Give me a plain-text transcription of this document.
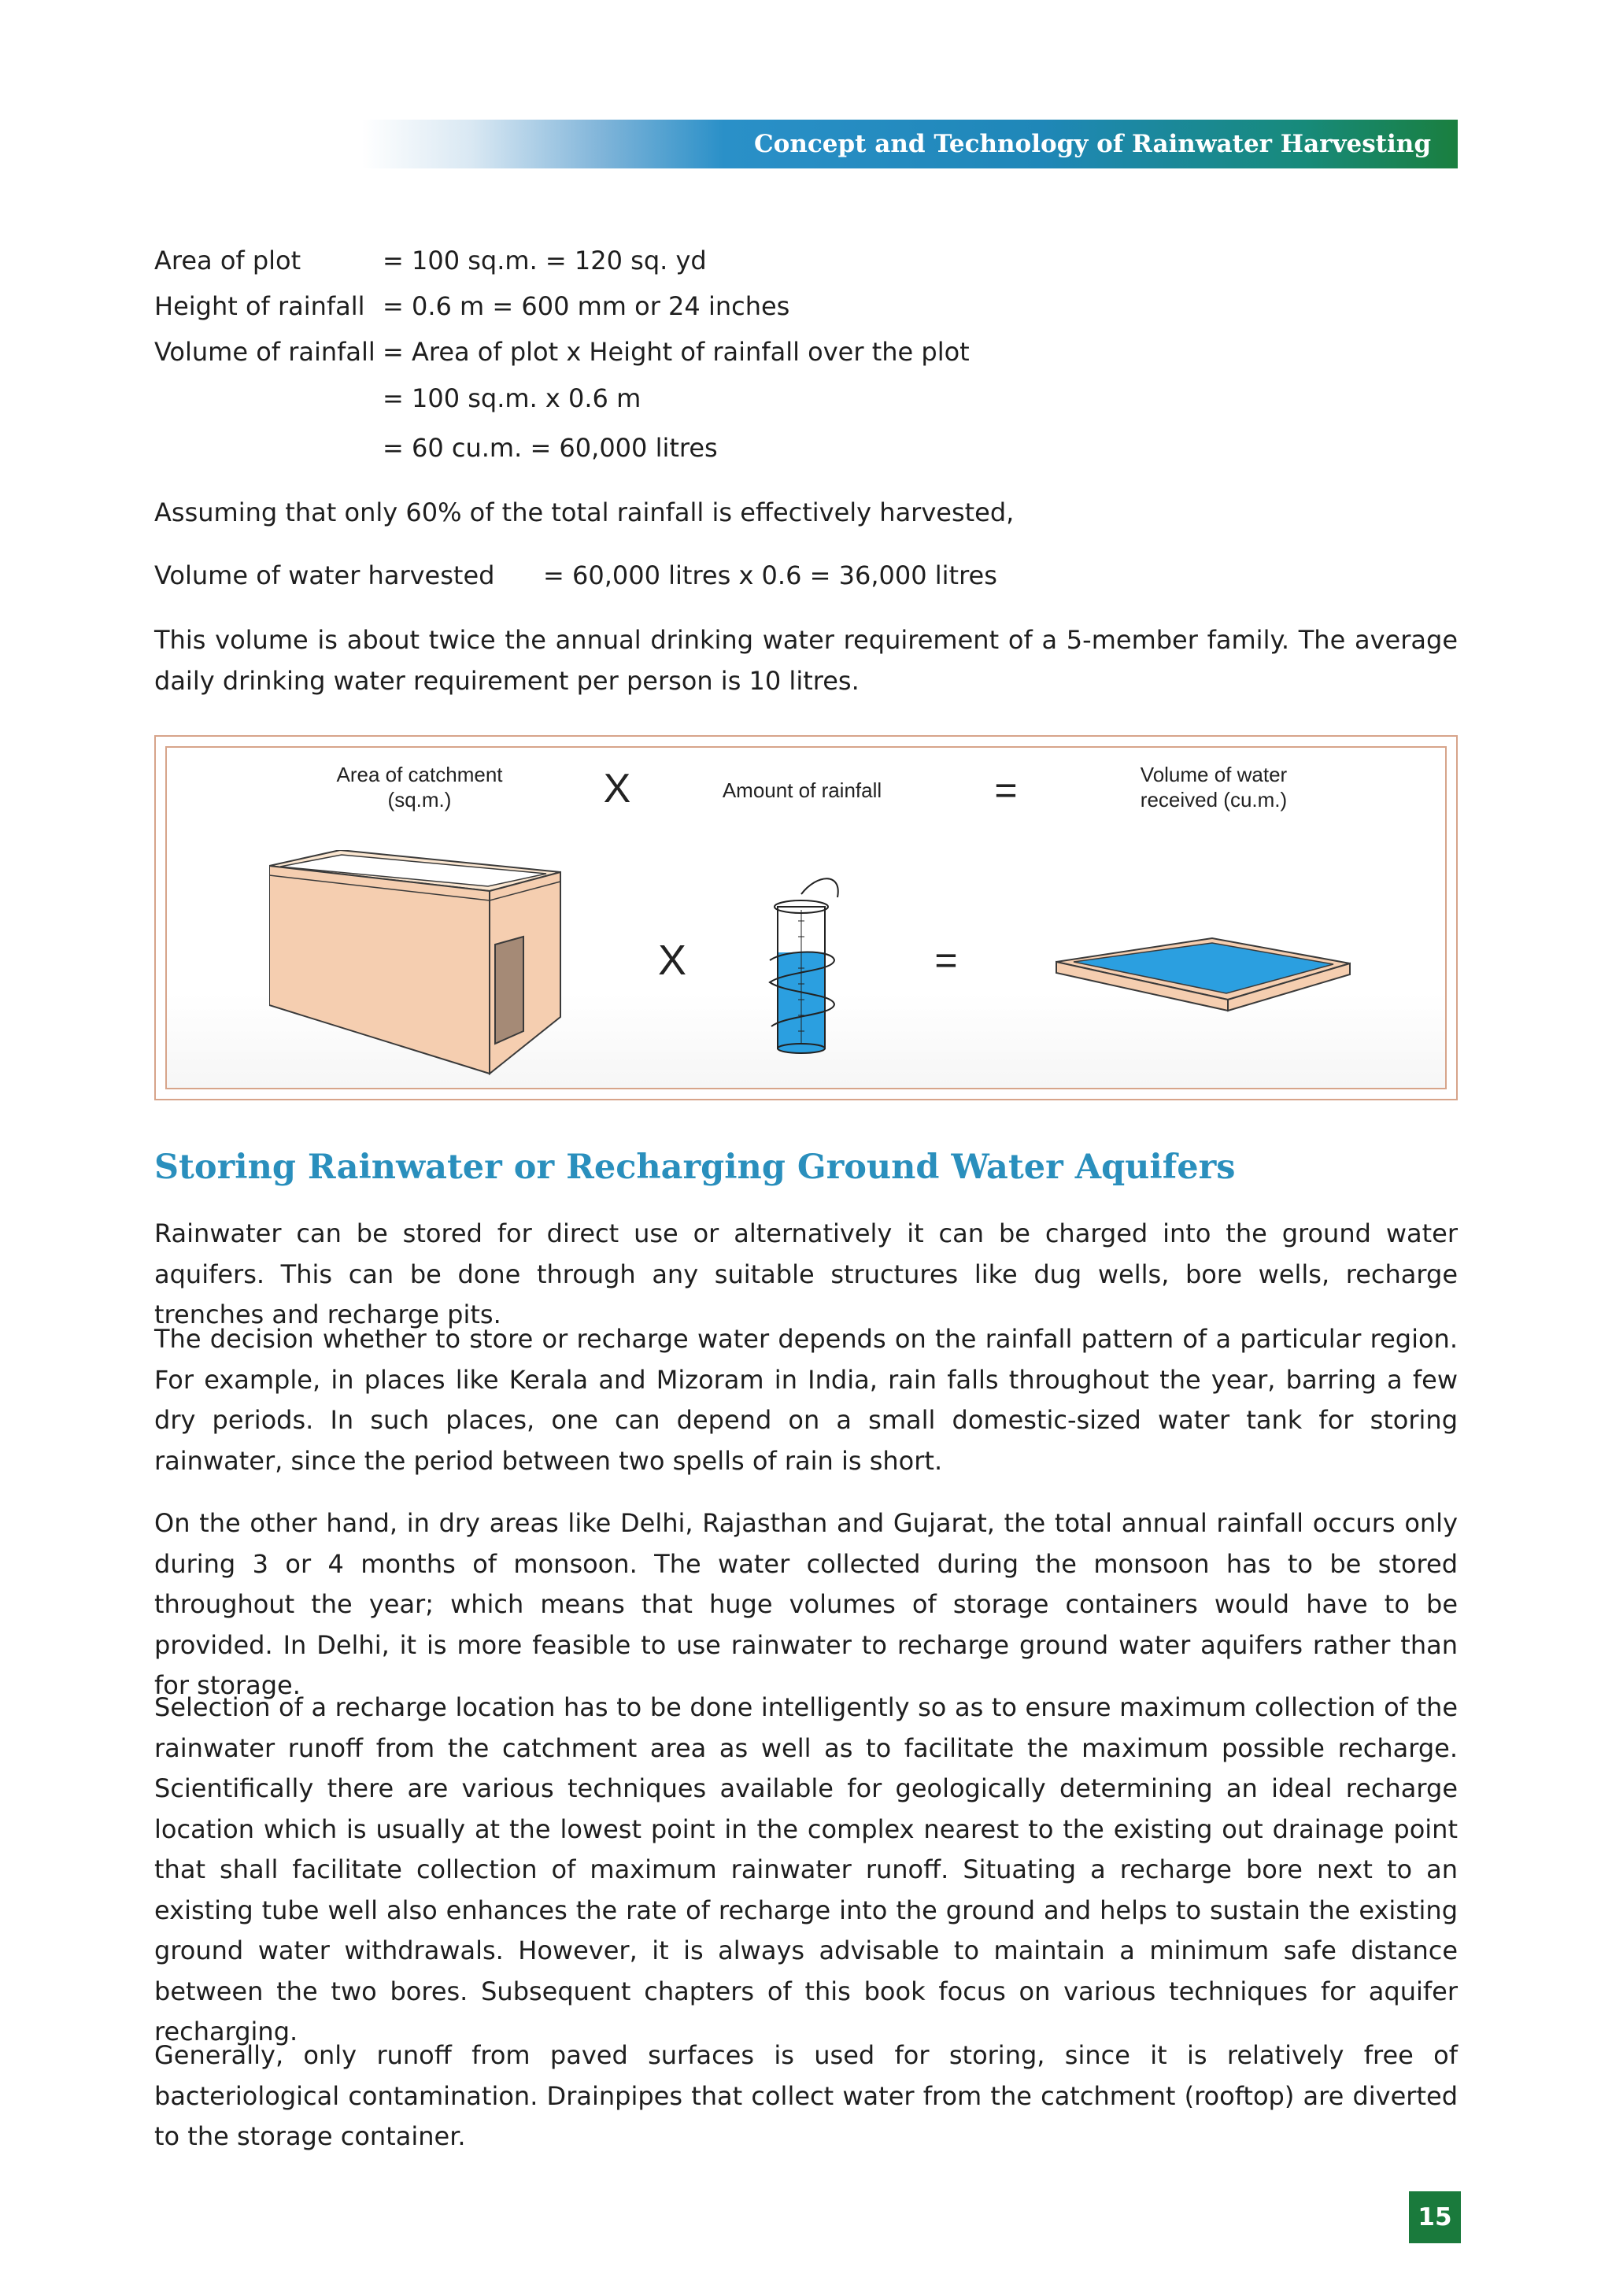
Concept and Technology of Rainwater Harvesting
Area of plot	= 100 sq.m. = 120 sq. yd
Height of rainfall = 0.6 m = 600 mm or 24 inches
Volume of rainfall = Area of plot x Height of rainfall over the plot
= 100 sq.m. x 0.6 m
= 60 cu.m. = 60,000 litres
Assuming that only 60% of the total rainfall is effectively harvested,
Volume of water harvested = 60,000 litres x 0.6 = 36,000 litres

This volume is about twice the annual drinking water requirement of a 5-member family. The average daily drinking water requirement per person is 10 litres.

Area of catchment
(sq.m.)	X	Amount of rainfall	=	Volume of water
received (cu.m.)
X	=
Storing Rainwater or Recharging Ground Water Aquifers

Rainwater can be stored for direct use or alternatively it can be charged into the ground water aquifers. This can be done through any suitable structures like dug wells, bore wells, recharge trenches and recharge pits.

The decision whether to store or recharge water depends on the rainfall pattern of a particular region. For example, in places like Kerala and Mizoram in India, rain falls throughout the year, barring a few dry periods. In such places, one can depend on a small domestic-sized water tank for storing rainwater, since the period between two spells of rain is short.

On the other hand, in dry areas like Delhi, Rajasthan and Gujarat, the total annual rainfall occurs only during 3 or 4 months of monsoon. The water collected during the monsoon has to be stored throughout the year; which means that huge volumes of storage containers would have to be provided. In Delhi, it is more feasible to use rainwater to recharge ground water aquifers rather than for storage.

Selection of a recharge location has to be done intelligently so as to ensure maximum collection of the rainwater runoff from the catchment area as well as to facilitate the maximum possible recharge. Scientifically there are various techniques available for geologically determining an ideal recharge location which is usually at the lowest point in the complex nearest to the existing out drainage point that shall facilitate collection of maximum rainwater runoff. Situating a recharge bore next to an existing tube well also enhances the rate of recharge into the ground and helps to sustain the existing ground water withdrawals. However, it is always advisable to maintain a minimum safe distance between the two bores. Subsequent chapters of this book focus on various techniques for aquifer recharging.

Generally, only runoff from paved surfaces is used for storing, since it is relatively free of bacteriological contamination. Drainpipes that collect water from the catchment (rooftop) are diverted to the storage container.

15
